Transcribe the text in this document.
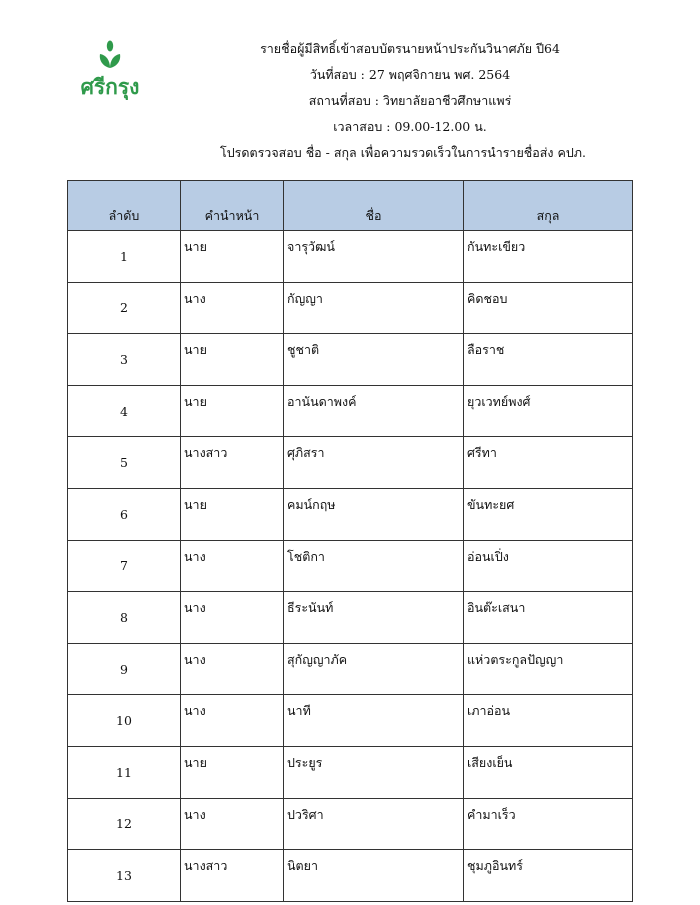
ศรีกรุง
รายชื่อผู้มีสิทธิ์เข้าสอบบัตรนายหน้าประกันวินาศภัย ปี64
วันที่สอบ : 27 พฤศจิกายน พศ. 2564
สถานที่สอบ : วิทยาลัยอาชีวศึกษาแพร่
เวลาสอบ : 09.00-12.00 น.
โปรดตรวจสอบ ชื่อ - สกุล เพื่อความรวดเร็วในการนำรายชื่อส่ง คปภ.
ลำดับ	คำนำหน้า	ชื่อ	สกุล
1	นาย	จารุวัฒน์	กันทะเขียว
2	นาง	กัญญา	คิดชอบ
3	นาย	ชูชาติ	ลือราช
4	นาย	อานันดาพงค์	ยุวเวทย์พงศ์
5	นางสาว	ศุภิสรา	ศรีทา
6	นาย	คมน์กฤษ	ขันทะยศ
7	นาง	โชติกา	อ่อนเปิ่ง
8	นาง	ธีระนันท์	อินต๊ะเสนา
9	นาง	สุกัญญาภัค	แห่วตระกูลปัญญา
10	นาง	นาที	เภาอ่อน
11	นาย	ประยูร	เสียงเย็น
12	นาง	ปวริศา	คำมาเร็ว
13	นางสาว	นิตยา	ชุมภูอินทร์
